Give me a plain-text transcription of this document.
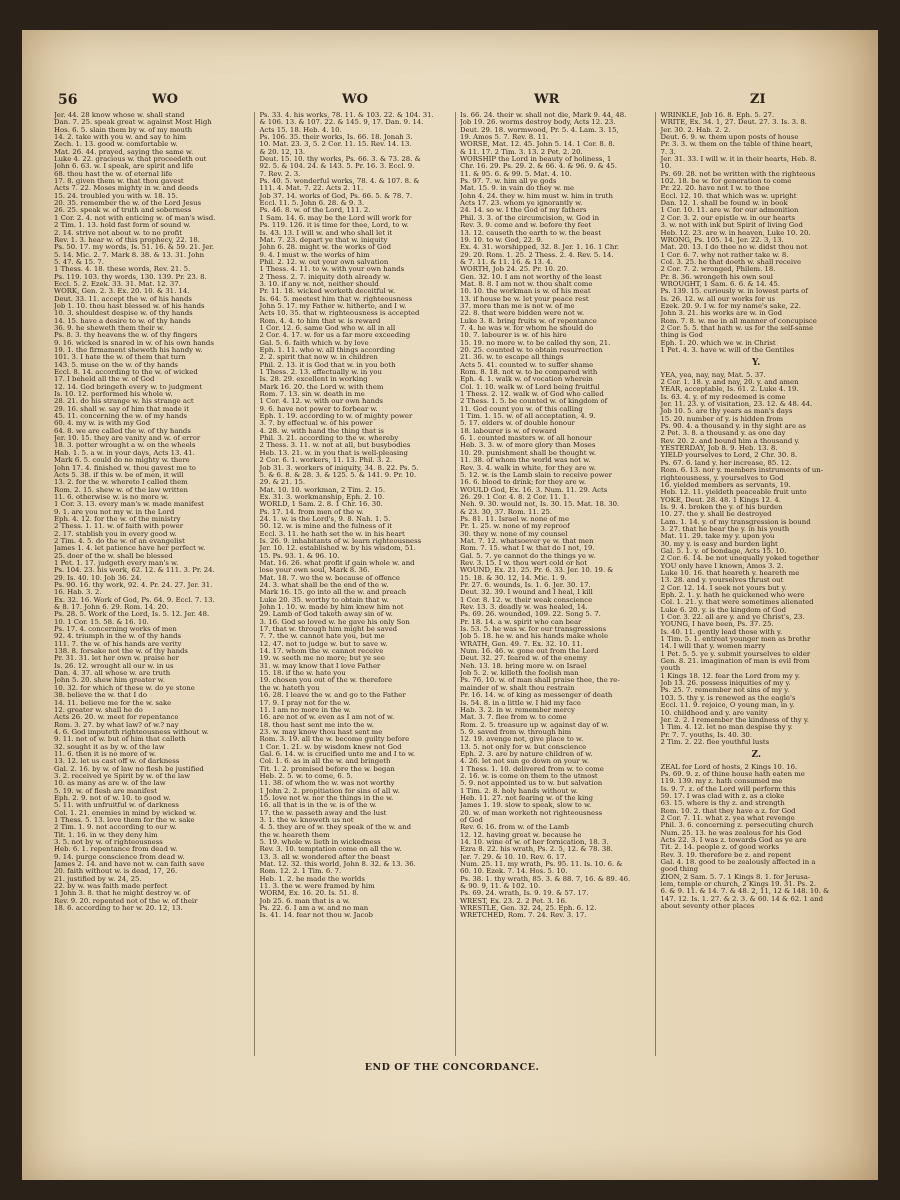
56	WO	WO	WR	ZI

Jer. 44. 28 know whose w. shall stand

Dan. 7. 25. speak great w. against Most High

Hos. 6. 5. slain them by w. of my mouth

14. 2. take with you w. and say to him

Zech. 1. 13. good w. comfortable w.

Mat. 26. 44. prayed, saying the same w.

Luke 4. 22. gracious w. that proceedeth out

John 6. 63. w. I speak, are spirit and life

68. thou hast the w. of eternal life

17. 8. given them w. that thou gavest

Acts 7. 22. Moses mighty in w. and deeds

15. 24. troubled you with w. 18. 15.

20. 35. remember the w. of the Lord Jesus

26. 25. speak w. of truth and soberness

1 Cor. 2. 4. not with enticing w. of man's wisd.

2 Tim. 1. 13. hold fast form of sound w.

2. 14. strive not about w. to no profit

Rev. 1. 3. hear w. of this prophecy, 22. 18.

Ps. 50. 17. my words, Is. 51. 16. & 59. 21. Jer.

5. 14. Mic. 2. 7. Mark 8. 38. & 13. 31. John

5. 47. & 15. 7.

1 Thess. 4. 18. these words, Rev. 21. 5.

Ps. 119. 103. thy words, 130. 139. Pr. 23. 8.

Eccl. 5. 2. Ezek. 33. 31. Mat. 12. 37.

WORK, Gen. 2. 3. Ex. 20. 10. & 31. 14.

Deut. 33. 11. accept the w. of his hands

Job 1. 10. thou hast blessed w. of his hands

10. 3. shouldest despise w. of thy hands

14. 15. have a desire to w. of thy hands

36. 9. he sheweth them their w.

Ps. 8. 3. thy heavens the w. of thy fingers

9. 16. wicked is snared in w. of his own hands

19. 1. the firmament sheweth his handy w.

101. 3. I hate the w. of them that turn

143. 5. muse on the w. of thy hands

Eccl. 8. 14. according to the w. of wicked

17. I beheld all the w. of God

12. 14. God bringeth every w. to judgment

Is. 10. 12. performed his whole w.

28. 21. do his strange w. his strange act

29. 16. shall w. say of him that made it

45. 11. concerning the w. of my hands

60. 4. my w. is with my God

64. 8. we are called the w. of thy hands

Jer. 10. 15. they are vanity and w. of error

18. 3. potter wrought a w. on the wheels

Hab. 1. 5. a w. in your days, Acts 13. 41.

Mark 6. 5. could do no mighty w. there

John 17. 4. finished w. thou gavest me to

Acts 5. 38. if this w. be of men, it will

13. 2. for the w. whereto I called them

Rom. 2. 15. shew w. of the law written

11. 6. otherwise w. is no more w.

1 Cor. 3. 13. every man's w. made manifest

9. 1. are you not my w. in the Lord

Eph. 4. 12. for the w. of the ministry

2 Thess. 1. 11. w. of faith with power

2. 17. stablish you in every good w.

2 Tim. 4. 5. do the w. of an evangelist

James 1. 4. let patience have her perfect w.

25. doer of the w. shall be blessed

1 Pet. 1. 17. judgeth every man's w.

Ps. 104. 23. his work, 62. 12. & 111. 3. Pr. 24.

29. Is. 40. 10. Job 36. 24.

Ps. 90. 16. thy work, 92. 4. Pr. 24. 27. Jer. 31.

16. Hab. 3. 2.

Ex. 32. 16. Work of God, Ps. 64. 9. Eccl. 7. 13.

& 8. 17. John 6. 29. Rom. 14. 20.

Ps. 28. 5. Work of the Lord, Is. 5. 12. Jer. 48.

10. 1 Cor. 15. 58. & 16. 10.

Ps. 17. 4. concerning works of men

92. 4. triumph in the w. of thy hands

111. 7. the w. of his hands are verity

138. 8. forsake not the w. of thy hands

Pr. 31. 31. let her own w. praise her

Is. 26. 12. wrought all our w. in us

Dan. 4. 37. all whose w. are truth

John 5. 20. shew him greater w.

10. 32. for which of these w. do ye stone

38. believe the w. that I do

14. 11. believe me for the w. sake

12. greater w. shall he do

Acts 26. 20. w. meet for repentance

Rom. 3. 27. by what law? of w.? nay

4. 6. God imputeth righteousness without w.

9. 11. not of w. but of him that calleth

32. sought it as by w. of the law

11. 6. then it is no more of w.

13. 12. let us cast off w. of darkness

Gal. 2. 16. by w. of law no flesh be justified

3. 2. received ye Spirit by w. of the law

10. as many as are w. of the law

5. 19. w. of flesh are manifest

Eph. 2. 9. not of w. 10. to good w.

5. 11. with unfruitful w. of darkness

Col. 1. 21. enemies in mind by wicked w.

1 Thess. 5. 13. love them for the w. sake

2 Tim. 1. 9. not according to our w.

Tit. 1. 16. in w. they deny him

3. 5. not by w. of righteousness

Heb. 6. 1. repentance from dead w.

9. 14. purge conscience from dead w.

James 2. 14. and have not w. can faith save

20. faith without w. is dead, 17, 26.

21. justified by w. 24, 25.

22. by w. was faith made perfect

1 John 3. 8. that he might destroy w. of

Rev. 9. 20. repented not of the w. of their

18. 6. according to her w. 20. 12, 13.

Ps. 33. 4. his works, 78. 11. & 103. 22. & 104. 31.

& 106. 13. & 107. 22. & 145. 9, 17. Dan. 9. 14.

Acts 15. 18. Heb. 4. 10.

Ps. 106. 35. their works, Is. 66. 18. Jonah 3.

10. Mat. 23. 3, 5. 2 Cor. 11. 15. Rev. 14. 13.

& 20. 12, 13.

Deut. 15. 10. thy works, Ps. 66. 3. & 73. 28. &

92. 5. & 104. 24. & 143. 5. Pr. 16. 3. Eccl. 9.

7. Rev. 2. 3.

Ps. 40. 5. wonderful works, 78. 4. & 107. 8. &

111. 4. Mat. 7. 22. Acts 2. 11.

Job 37. 14. works of God, Ps. 66. 5. & 78. 7.

Eccl. 11. 5. John 6. 28. & 9. 3.

Ps. 46. 8. w. of the Lord, 111. 2.

1 Sam. 14. 6. may be the Lord will work for

Ps. 119. 126. it is time for thee, Lord, to w.

Is. 43. 13. I will w. and who shall let it

Mat. 7. 23. depart ye that w. iniquity

John 6. 28. might w. the works of God

9. 4. I must w. the works of him

Phil. 2. 12. w. out your own salvation

1 Thess. 4. 11. to w. with your own hands

2 Thess. 2. 7. iniquity doth already w.

3. 10. if any w. not, neither should

Pr. 11. 18. wicked worketh deceitful w.

Is. 64. 5. meetest him that w. righteousness

John 5. 17. my Father w. hitherto, and I w.

Acts 10. 35. that w. righteousness is accepted

Rom. 4. 4. to him that w. is reward

1 Cor. 12. 6. same God who w. all in all

2 Cor. 4. 17. w. for us a far more exceeding

Gal. 5. 6. faith which w. by love

Eph. 1. 11. who w. all things according

2. 2. spirit that now w. in children

Phil. 2. 13. it is God that w. in you both

1 Thess. 2. 13. effectually w. in you

Is. 28. 29. excellent in working

Mark 16. 20. the Lord w. with them

Rom. 7. 13. sin w. death in me

1 Cor. 4. 12. w. with our own hands

9. 6. have not power to forbear w.

Eph. 1. 19. according to w. of mighty power

3. 7. by effectual w. of his power

4. 28. w. with hand the thing that is

Phil. 3. 21. according to the w. whereby

2 Thess. 3. 11. w. not at all, but busybodies

Heb. 13. 21. w. in you that is well-pleasing

2 Cor. 6. 1. workers, 11. 13. Phil. 3. 2.

Job 31. 3. workers of iniquity, 34. 8. 22. Ps. 5.

5. & 6. 8. & 28. 3. & 125. 5. & 141. 9. Pr. 10.

29. & 21. 15.

Mat. 10. 10. workman, 2 Tim. 2. 15.

Ex. 31. 3. workmanship, Eph. 2. 10.

WORLD, 1 Sam. 2. 8. 1 Chr. 16. 30.

Ps. 17. 14. from men of the w.

24. 1. w. is the Lord's, 9. 8. Nah. 1. 5.

50. 12. w. is mine and the fulness of it

Eccl. 3. 11. he hath set the w. in his heart

Is. 26. 9. inhabitants of w. learn righteousness

Jer. 10. 12. established w. by his wisdom, 51.

15. Ps. 93. 1. & 96. 10.

Mat. 16. 26. what profit if gain whole w. and

lose your own soul, Mark 8. 36.

Mat. 18. 7. wo the w. because of offence

24. 3. what shall be the end of the w.

Mark 16. 15. go into all the w. and preach

Luke 20. 35. worthy to obtain that w.

John 1. 10. w. made by him knew him not

29. Lamb of God taketh away sin of w.

3. 16. God so loved w. he gave his only Son

17. that w. through him might be saved

7. 7. the w. cannot hate you, but me

12. 47. not to judge w. but to save w.

14. 17. whom the w. cannot receive

19. w. seeth me no more; but ye see

31. w. may know that I love Father

15. 18. if the w. hate you

19. chosen you out of the w. therefore

the w. hateth you

16. 28. I leave the w. and go to the Father

17. 9. I pray not for the w.

11. I am no more in the w.

16. are not of w. even as I am not of w.

18. thou hast sent me into the w.

23. w. may know thou hast sent me

Rom. 3. 19. all the w. become guilty before

1 Cor. 1. 21. w. by wisdom knew not God

Gal. 6. 14. w. is crucified unto me and I to w.

Col. 1. 6. as in all the w. and bringeth

Tit. 1. 2. promised before the w. began

Heb. 2. 5. w. to come, 6. 5.

11. 38. of whom the w. was not worthy

1 John 2. 2. propitiation for sins of all w.

15. love not w. nor the things in the w.

16. all that is in the w. is of the w.

17. the w. passeth away and the lust

3. 1. the w. knoweth us not

4. 5. they are of w. they speak of the w. and

the w. heareth them

5. 19. whole w. lieth in wickedness

Rev. 3. 10. temptation come on all the w.

13. 3. all w. wondered after the beast

Mat. 12. 32. this world, John 8. 32. & 13. 36.

Rom. 12. 2. 1 Tim. 6. 7.

Heb. 1. 2. he made the worlds

11. 3. the w. were framed by him

WORM, Ex. 16. 20. Is. 51. 8.

Job 25. 6. man that is a w.

Ps. 22. 6. I am a w. and no man

Is. 41. 14. fear not thou w. Jacob

Is. 66. 24. their w. shall not die, Mark 9. 44, 48.

Job 19. 26. worms destroy body, Acts 12. 23.

Deut. 29. 18. wormwood, Pr. 5. 4. Lam. 3. 15,

19. Amos 5. 7. Rev. 8. 11.

WORSE, Mat. 12. 45. John 5. 14. 1 Cor. 8. 8.

& 11. 17. 2 Tim. 3. 13. 2 Pet. 2. 20.

WORSHIP the Lord in beauty of holiness, 1

Chr. 16. 29. Ps. 29. 2. & 66. 4. & 96. 9. & 45.

11. & 95. 6. & 99. 5. Mat. 4. 10.

Ps. 97. 7. w. him all ye gods

Mat. 15. 9. in vain do they w. me

John 4. 24. they w. him must w. him in truth

Acts 17. 23. whom ye ignorantly w.

24. 14. so w. I the God of my fathers

Phil. 3. 3. of the circumcision, w. God in

Rev. 3. 9. come and w. before thy feet

13. 12. causeth the earth to w. the beast

19. 10. to w. God, 22. 9.

Ex. 4. 31. worshipped, 32. 8. Jer. 1. 16. 1 Chr.

29. 20. Rom. 1. 25. 2 Thess. 2. 4. Rev. 5. 14.

& 7. 11. & 11. 16. & 13. 4.

WORTH, Job 24. 25. Pr. 10. 20.

Gen. 32. 10. I am not worthy of the least

Mat. 8. 8. I am not w. thou shalt come

10. 10. the workman is w. of his meat

13. if house be w. let your peace rest

37. more than me is not w. of me

22. 8. that were bidden were not w.

Luke 3. 8. bring fruits w. of repentance

7. 4. he was w. for whom he should do

10. 7. labourer is w. of his hire

15. 19. no more w. to be called thy son, 21.

20. 25. counted w. to obtain resurrection

21. 36. w. to escape all things

Acts 5. 41. counted w. to suffer shame

Rom. 8. 18. not w. to be compared with

Eph. 4. 1. walk w. of vocation wherein

Col. 1. 10. walk w. of Lord being fruitful

1 Thess. 2. 12. walk w. of God who called

2 Thess. 1. 5. be counted w. of kingdom of

11. God count you w. of this calling

1 Tim. 1. 15. w. of all acceptation, 4. 9.

5. 17. elders w. of double honour

18. labourer is w. of reward

6. 1. counted masters w. of all honour

Heb. 3. 3. w. of more glory than Moses

10. 29. punishment shall be thought w.

11. 38. of whom the world was not w.

Rev. 3. 4. walk in white, for they are w.

5. 12. w. is the Lamb slain to receive power

16. 6. blood to drink; for they are w.

WOULD God, Ex. 16. 3. Num. 11. 29. Acts

26. 29. 1 Cor. 4. 8. 2 Cor. 11. 1.

Neh. 9. 30. would not, Is. 30. 15. Mat. 18. 30.

& 23. 30, 37. Rom. 11. 25.

Ps. 81. 11. Israel w. none of me

Pr. 1. 25. w. none of my reproof

30. they w. none of my counsel

Mat. 7. 12. whatsoever ye w. that men

Rom. 7. 15. what I w. that do I not, 19.

Gal. 5. 7. ye cannot do the things ye w.

Rev. 3. 15. I w. thou wert cold or hot

WOUND, Ex. 21. 25. Pr. 6. 33. Jer. 10. 19. &

15. 18. & 30. 12, 14. Mic. 1. 9.

Pr. 27. 6. wounds, Is. 1. 6. Jer. 30. 17.

Deut. 32. 39. I wound and I heal, I kill

1 Cor. 8. 12. w. their weak conscience

Rev. 13. 3. deadly w. was healed, 14.

Ps. 69. 26. wounded, 109. 22. Song 5. 7.

Pr. 18. 14. a w. spirit who can bear

Is. 53. 5. he was w. for our transgressions

Job 5. 18. he w. and his hands make whole

WRATH, Gen. 49. 7. Ex. 32. 10. 11.

Num. 16. 46. w. gone out from the Lord

Deut. 32. 27. feared w. of the enemy

Neh. 13. 18. bring more w. on Israel

Job 5. 2. w. killeth the foolish man

Ps. 76. 10. w. of man shall praise thee, the re-

mainder of w. shalt thou restrain

Pr. 16. 14. w. of king as messenger of death

Is. 54. 8. in a little w. I hid my face

Hab. 3. 2. in w. remember mercy

Mat. 3. 7. flee from w. to come

Rom. 2. 5. treasure up w. against day of w.

5. 9. saved from w. through him

12. 19. avenge not, give place to w.

13. 5. not only for w. but conscience

Eph. 2. 3. are by nature children of w.

4. 26. let not sun go down on your w.

1 Thess. 1. 10. delivered from w. to come

2. 16. w. is come on them to the utmost

5. 9. not appointed us to w. but salvation

1 Tim. 2. 8. holy hands without w.

Heb. 11. 27. not fearing w. of the king

James 1. 19. slow to speak, slow to w.

20. w. of man worketh not righteousness

of God

Rev. 6. 16. from w. of the Lamb

12. 12. having great w. because he

14. 10. wine of w. of her fornication, 18. 3.

Ezra 8. 22. his wrath, Ps. 2. 5, 12. & 78. 38.

Jer. 7. 29. & 10. 10. Rev. 6. 17.

Num. 25. 11. my wrath, Ps. 95. 11. Is. 10. 6. &

60. 10. Ezek. 7. 14. Hos. 5. 10.

Ps. 38. 1. thy wrath, 85. 3. & 88. 7, 16. & 89. 46.

& 90. 9, 11. & 102. 10.

Ps. 69. 24. wrath, Is. 9. 19. & 57. 17.

WREST, Ex. 23. 2. 2 Pet. 3. 16.

WRESTLE, Gen. 32. 24, 25. Eph. 6. 12.

WRETCHED, Rom. 7. 24. Rev. 3. 17.

WRINKLE, Job 16. 8. Eph. 5. 27.

WRITE, Ex. 34. 1, 27. Deut. 27. 3. Is. 3. 8.

Jer. 30. 2. Hab. 2. 2.

Deut. 6. 9. w. them upon posts of house

Pr. 3. 3. w. them on the table of thine heart,

7. 3.

Jer. 31. 33. I will w. it in their hearts, Heb. 8.

10.

Ps. 69. 28. not be written with the righteous

102. 18. be w. for generation to come

Pr. 22. 20. have not I w. to thee

Eccl. 12. 10. that which was w. upright

Dan. 12. 1. shall be found w. in book

1 Cor. 10. 11. are w. for our admonition

2 Cor. 3. 2. our epistle w. in our hearts

3. w. not with ink but Spirit of living God

Heb. 12. 23. are w. in heaven, Luke 10. 20.

WRONG, Ps. 105. 14. Jer. 22. 3, 13.

Mat. 20. 13. I do thee no w. didst thou not

1 Cor. 6. 7. why not rather take w. 8.

Col. 3. 25. he that doeth w. shall receive

2 Cor. 7. 2. wronged, Philem. 18.

Pr. 8. 36. wrongeth his own soul

WROUGHT, 1 Sam. 6. 6. & 14. 45.

Ps. 139. 15. curiously w. in lowest parts of

Is. 26. 12. w. all our works for us

Ezek. 20. 9. I w. for my name's sake, 22.

John 3. 21. his works are w. in God

Rom. 7. 8. w. me in all manner of concupisce

2 Cor. 5. 5. that hath w. us for the self-same

thing is God

Eph. 1. 20. which we w. in Christ

1 Pet. 4. 3. have w. will of the Gentiles

Y.

YEA, yea, nay, nay, Mat. 5. 37.

2 Cor. 1. 18. y. and nay, 20. y. and amen

YEAR, acceptable, Is. 61. 2. Luke 4. 19.

Is. 63. 4. y. of my redeemed is come

Jer. 11. 23. y. of visitation, 23. 12. & 48. 44.

Job 10. 5. are thy years as man's days

15. 20. number of y. is hidden from

Ps. 90. 4. a thousand y. in thy sight are as

2 Pet. 3. 8. a thousand y. as one day

Rev. 20. 2. and bound him a thousand y.

YESTERDAY, Job 8. 9. Heb. 13. 8.

YIELD yourselves to Lord, 2 Chr. 30. 8.

Ps. 67. 6. land y. her increase, 85. 12.

Rom. 6. 13. nor y. members instruments of un-

righteousness, y. yourselves to God

16. yielded members as servants, 19.

Heb. 12. 11. yieldeth peaceable fruit unto

YOKE, Deut. 28. 48. 1 Kings 12. 4.

Is. 9. 4. broken the y. of his burden

10. 27. the y. shall be destroyed

Lam. 1. 14. y. of my transgression is bound

3. 27. that he bear the y. in his youth

Mat. 11. 29. take my y. upon you

30. my y. is easy and burden light

Gal. 5. 1. y. of bondage, Acts 15. 10.

2 Cor. 6. 14. be not unequally yoked together

YOU only have I known, Amos 3. 2.

Luke 10. 16. that heareth y. heareth me

13. 28. and y. yourselves thrust out

2 Cor. 12. 14. I seek not yours but y.

Eph. 2. 1. y. hath he quickened who were

Col. 1. 21. y. that were sometimes alienated

Luke 6. 20. y. is the kingdom of God

1 Cor. 3. 22. all are y. and ye Christ's, 23.

YOUNG, I have been, Ps. 37. 25.

Is. 40. 11. gently lead those with y.

1 Tim. 5. 1. entreat younger men as brethr

14. I will that y. women marry

1 Pet. 5. 5. ye y. submit yourselves to elder

Gen. 8. 21. imagination of man is evil from

youth

1 Kings 18. 12. fear the Lord from my y.

Job 13. 26. possess iniquities of my y.

Ps. 25. 7. remember not sins of my y.

103. 5. thy y. is renewed as the eagle's

Eccl. 11. 9. rejoice, O young man, in y.

10. childhood and y. are vanity

Jer. 2. 2. I remember the kindness of thy y.

1 Tim. 4. 12. let no man despise thy y.

Pr. 7. 7. youths, Is. 40. 30.

2 Tim. 2. 22. flee youthful lusts

Z.

ZEAL for Lord of hosts, 2 Kings 10. 16.

Ps. 69. 9. z. of thine house hath eaten me

119. 139. my z. hath consumed me

Is. 9. 7. z. of the Lord will perform this

59. 17. I was clad with z. as a cloke

63. 15. where is thy z. and strength

Rom. 10. 2. that they have a z. for God

2 Cor. 7. 11. what z. yea what revenge

Phil. 3. 6. concerning z. persecuting church

Num. 25. 13. he was zealous for his God

Acts 22. 3. I was z. towards God as ye are

Tit. 2. 14. people z. of good works

Rev. 3. 19. therefore be z. and repent

Gal. 4. 18. good to be zealously affected in a

good thing

ZION, 2 Sam. 5. 7. 1 Kings 8. 1. for Jerusa-

lem, temple or church, 2 Kings 19. 31. Ps. 2.

6. & 9. 11. & 14. 7. & 48. 2, 11, 12 & 148. 10. &

147. 12. Is. 1. 27. & 2. 3. & 60. 14 & 62. 1 and

about seventy other places

END OF THE CONCORDANCE.
